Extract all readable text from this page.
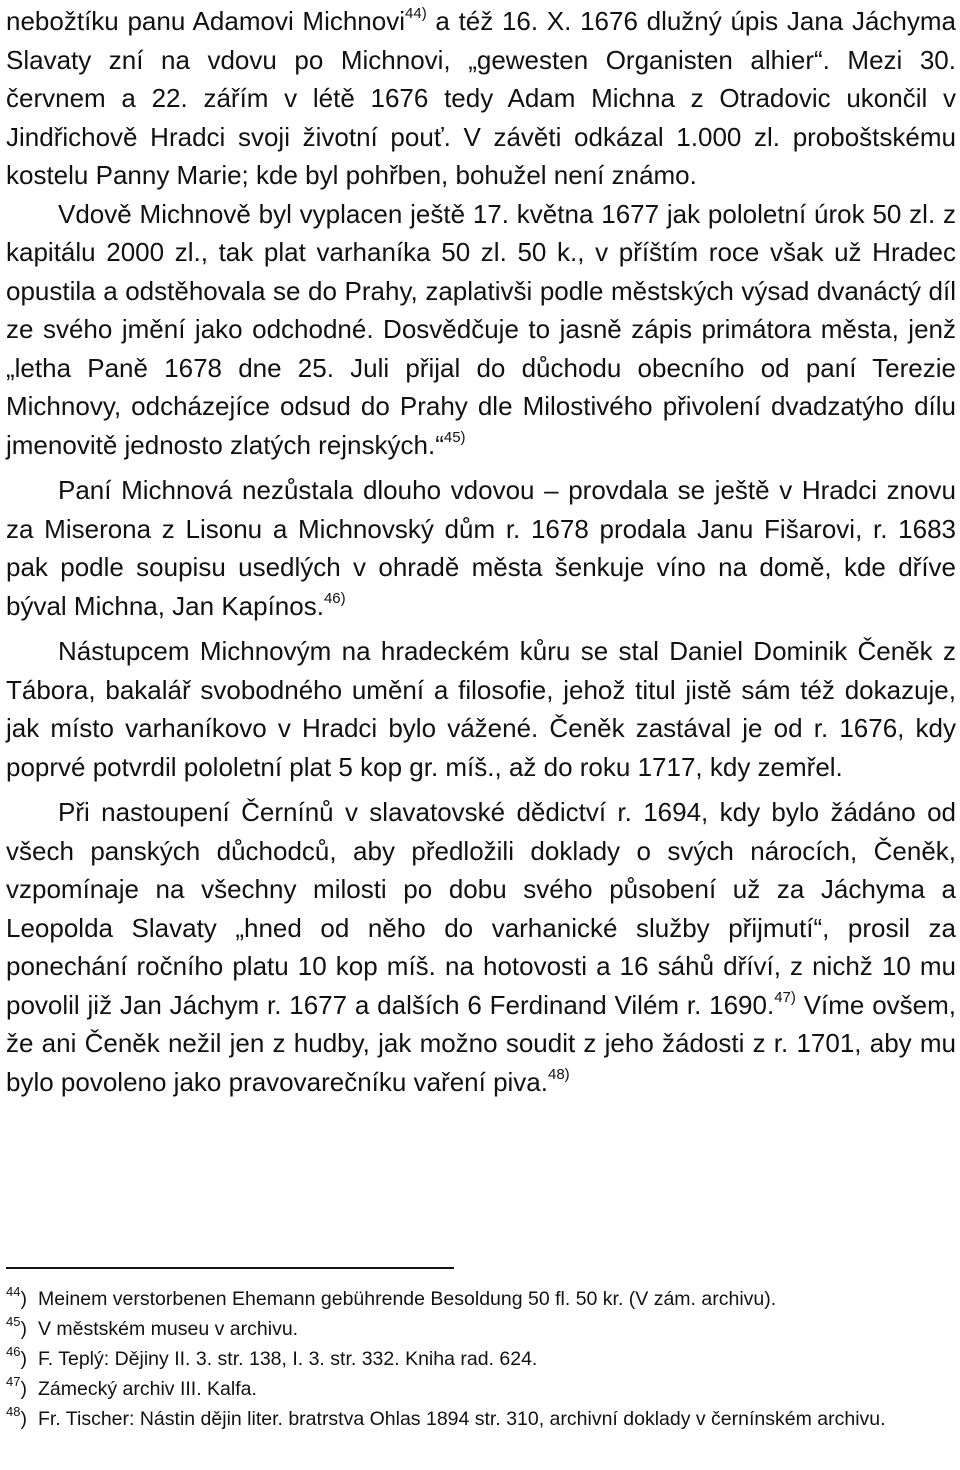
nebožtíku panu Adamovi Michnovi$^{44)}$ a též 16. X. 1676 dlužný úpis Jana Jáchyma Slavaty zní na vdovu po Michnovi, „gewesten Organisten alhier“. Mezi 30. červnem a 22. zářím v létě 1676 tedy Adam Michna z Otradovic ukončil v Jindřichově Hradci svoji životní pouť. V závěti odkázal 1.000 zl. proboštskému kostelu Panny Marie; kde byl pohřben, bohužel není známo.

Vdově Michnově byl vyplacen ještě 17. května 1677 jak pololetní úrok 50 zl. z kapitálu 2000 zl., tak plat varhaníka 50 zl. 50 k., v příštím roce však už Hradec opustila a odstěhovala se do Prahy, zaplativši podle městských výsad dvanáctý díl ze svého jmění jako odchodné. Dosvědčuje to jasně zápis primátora města, jenž „letha Paně 1678 dne 25. Juli přijal do důchodu obecního od paní Terezie Michnovy, odcházejíce odsud do Prahy dle Milostivého přivolení dvadzatýho dílu jmenovitě jednosto zlatých rejnských.“$^{45)}$

Paní Michnová nezůstala dlouho vdovou – provdala se ještě v Hradci znovu za Miserona z Lisonu a Michnovský dům r. 1678 prodala Janu Fišarovi, r. 1683 pak podle soupisu usedlých v ohradě města šenkuje víno na domě, kde dříve býval Michna, Jan Kapínos.$^{46)}$

Nástupcem Michnovým na hradeckém kůru se stal Daniel Dominik Čeněk z Tábora, bakalář svobodného umění a filosofie, jehož titul jistě sám též dokazuje, jak místo varhaníkovo v Hradci bylo vážené. Čeněk zastával je od r. 1676, kdy poprvé potvrdil pololetní plat 5 kop gr. míš., až do roku 1717, kdy zemřel.

Při nastoupení Černínů v slavatovské dědictví r. 1694, kdy bylo žádáno od všech panských důchodců, aby předložili doklady o svých nárocích, Čeněk, vzpomínaje na všechny milosti po dobu svého působení už za Jáchyma a Leopolda Slavaty „hned od něho do varhanické služby přijmutí“, prosil za ponechání ročního platu 10 kop míš. na hotovosti a 16 sáhů dříví, z nichž 10 mu povolil již Jan Jáchym r. 1677 a dalších 6 Ferdinand Vilém r. 1690.$^{47)}$ Víme ovšem, že ani Čeněk nežil jen z hudby, jak možno soudit z jeho žádosti z r. 1701, aby mu bylo povoleno jako pravovarečníku vaření piva.$^{48)}$

$^{44}$) Meinem verstorbenen Ehemann gebührende Besoldung 50 fl. 50 kr. (V zám. archivu).
$^{45}$) V městském museu v archivu.
$^{46}$) F. Teplý: Dějiny II. 3. str. 138, I. 3. str. 332. Kniha rad. 624.
$^{47}$) Zámecký archiv III. Kalfa.
$^{48}$) Fr. Tischer: Nástin dějin liter. bratrstva Ohlas 1894 str. 310, archivní doklady v černínském archivu.
